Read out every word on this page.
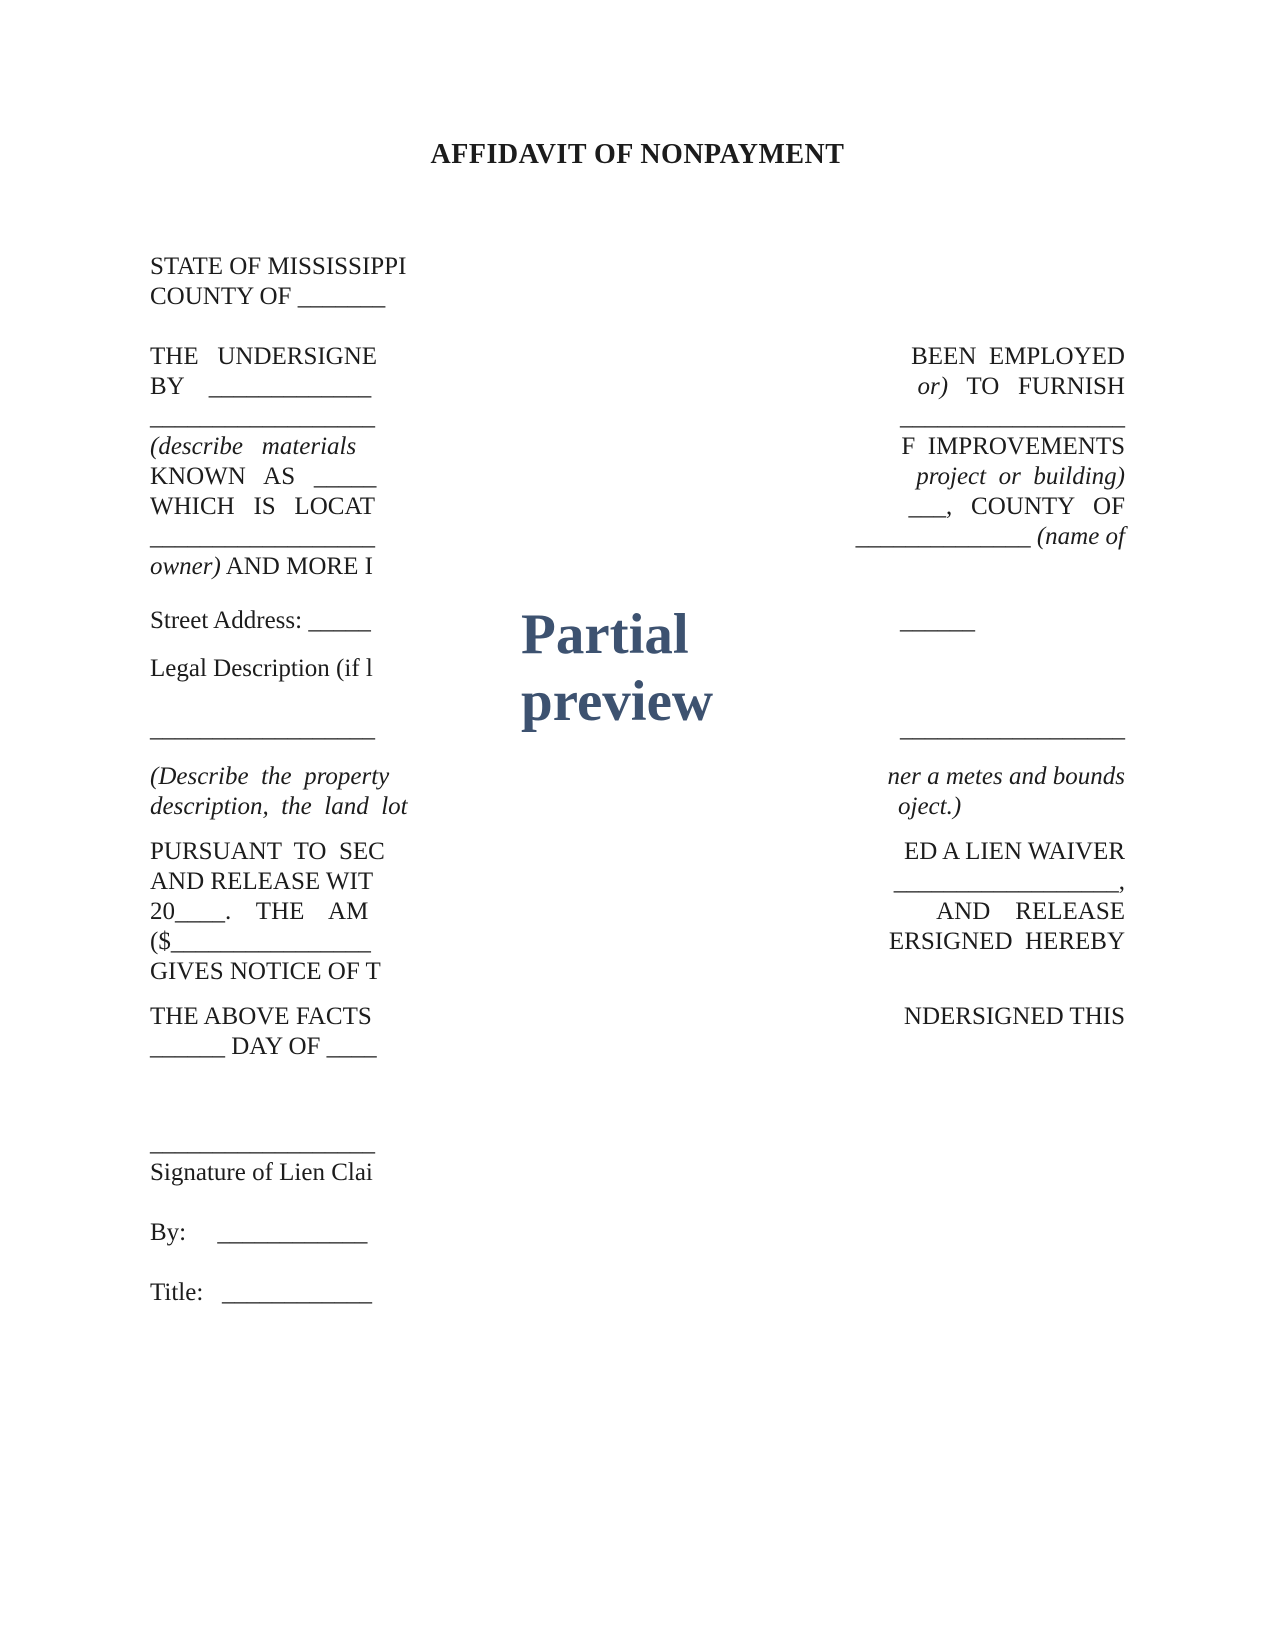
AFFIDAVIT OF NONPAYMENT
STATE OF MISSISSIPPI
COUNTY OF _______
THE   UNDERSIGNE	BEEN  EMPLOYED
BY    _____________	or)   TO   FURNISH
__________________	__________________
(describe   materials	F  IMPROVEMENTS
KNOWN   AS   _____	project  or  building)
WHICH   IS   LOCAT	___,   COUNTY   OF
__________________	______________ (name of
owner) AND MORE I
Street Address: _____	______
Legal Description (if l
__________________	__________________
(Describe  the  property	ner a metes and bounds
description,  the  land  lot	oject.)
PURSUANT  TO  SEC	ED A LIEN WAIVER
AND RELEASE WIT	__________________,
20____.    THE    AM	AND    RELEASE
($________________	ERSIGNED  HEREBY
GIVES NOTICE OF T
THE ABOVE FACTS	NDERSIGNED THIS
______ DAY OF ____
__________________
Signature of Lien Clai
By:     ____________
Title:   ____________
Partial
preview
